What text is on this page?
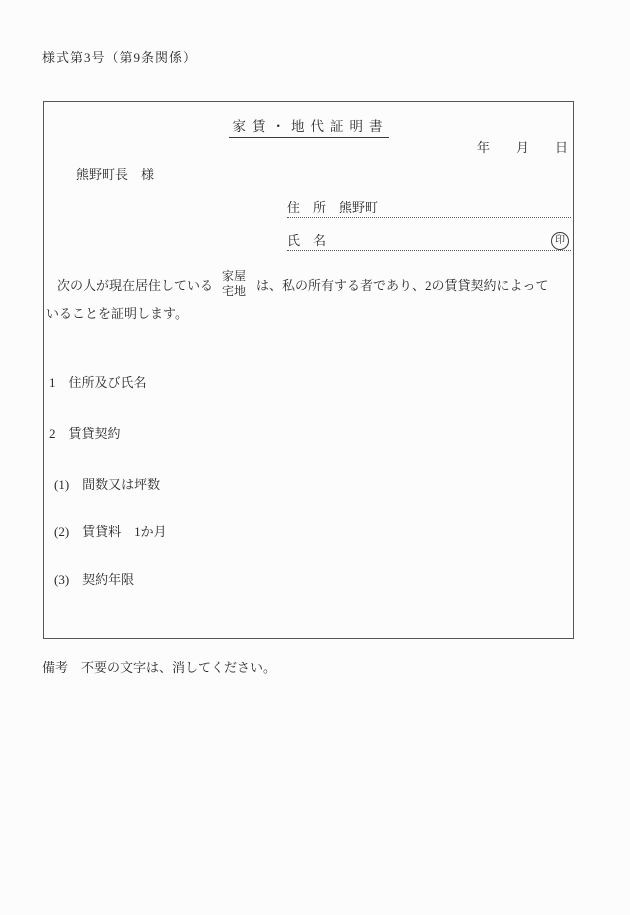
様式第3号（第9条関係）
家賃・地代証明書
年　　月　　日
熊野町長　様
住　所 熊野町
氏　名	印
次の人が現在居住している
家屋
宅地 は、私の所有する者であり、2の賃貸契約によって
いることを証明します。
1　住所及び氏名
2　賃貸契約
(1)　間数又は坪数
(2)　賃貸料　1か月
(3)　契約年限
備考　不要の文字は、消してください。
